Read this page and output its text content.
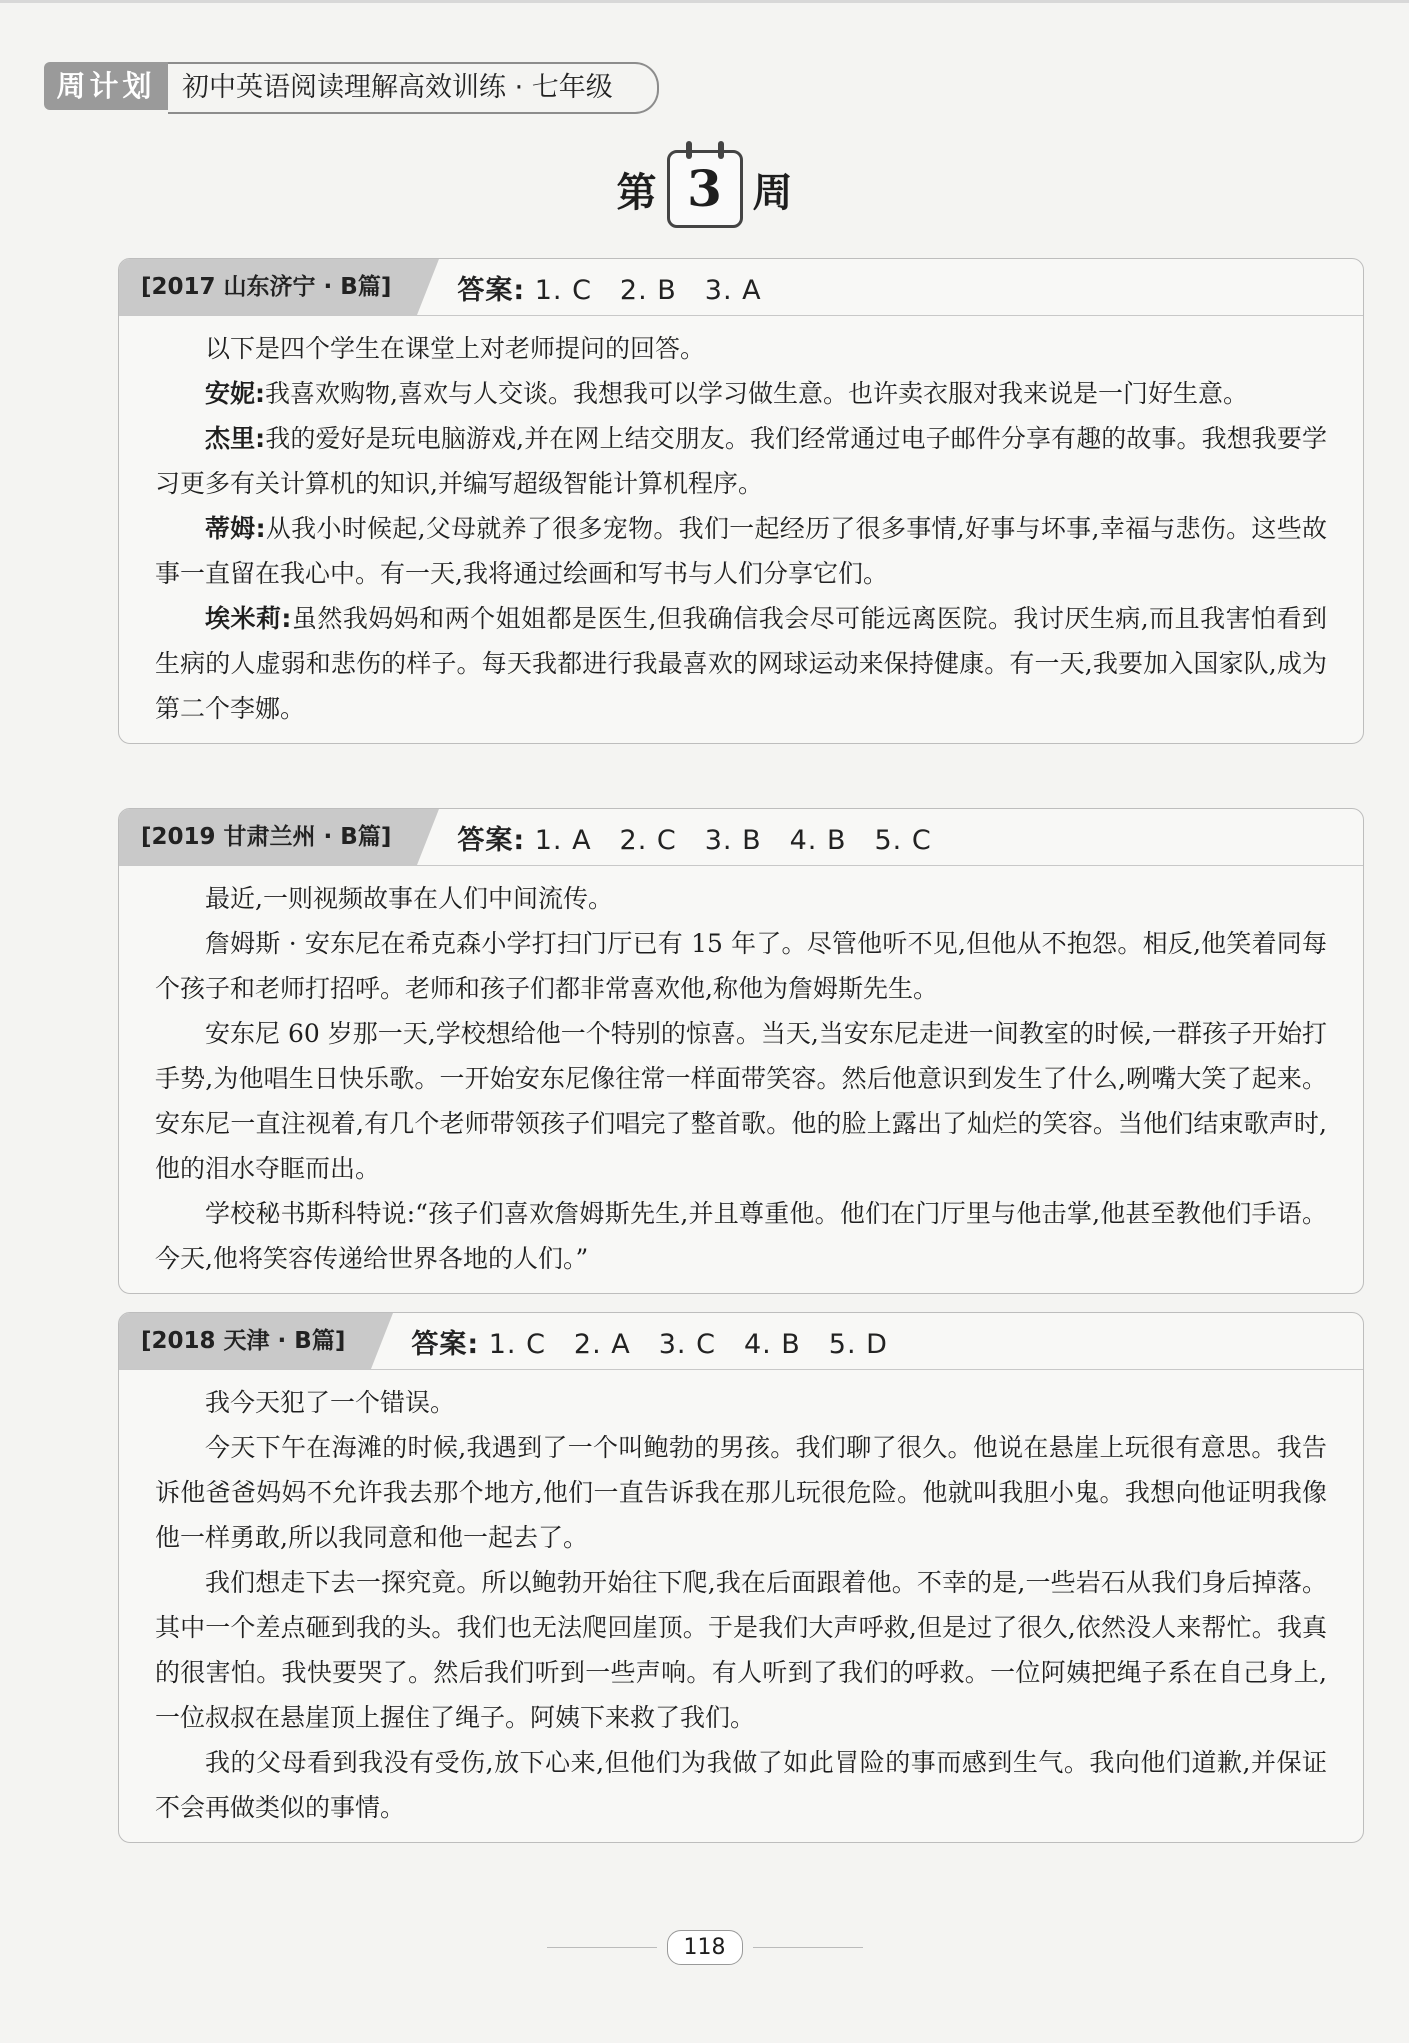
周计划 初中英语阅读理解高效训练 · 七年级
第 3 周
[2017 山东济宁 · B篇]	答案: 1. C　2. B　3. A

以下是四个学生在课堂上对老师提问的回答。

安妮:我喜欢购物,喜欢与人交谈。我想我可以学习做生意。也许卖衣服对我来说是一门好生意。

杰里:我的爱好是玩电脑游戏,并在网上结交朋友。我们经常通过电子邮件分享有趣的故事。我想我要学习更多有关计算机的知识,并编写超级智能计算机程序。

蒂姆:从我小时候起,父母就养了很多宠物。我们一起经历了很多事情,好事与坏事,幸福与悲伤。这些故事一直留在我心中。有一天,我将通过绘画和写书与人们分享它们。

埃米莉:虽然我妈妈和两个姐姐都是医生,但我确信我会尽可能远离医院。我讨厌生病,而且我害怕看到生病的人虚弱和悲伤的样子。每天我都进行我最喜欢的网球运动来保持健康。有一天,我要加入国家队,成为第二个李娜。

[2019 甘肃兰州 · B篇]	答案: 1. A　2. C　3. B　4. B　5. C

最近,一则视频故事在人们中间流传。

詹姆斯 · 安东尼在希克森小学打扫门厅已有 15 年了。尽管他听不见,但他从不抱怨。相反,他笑着同每个孩子和老师打招呼。老师和孩子们都非常喜欢他,称他为詹姆斯先生。

安东尼 60 岁那一天,学校想给他一个特别的惊喜。当天,当安东尼走进一间教室的时候,一群孩子开始打手势,为他唱生日快乐歌。一开始安东尼像往常一样面带笑容。然后他意识到发生了什么,咧嘴大笑了起来。安东尼一直注视着,有几个老师带领孩子们唱完了整首歌。他的脸上露出了灿烂的笑容。当他们结束歌声时,他的泪水夺眶而出。

学校秘书斯科特说:“孩子们喜欢詹姆斯先生,并且尊重他。他们在门厅里与他击掌,他甚至教他们手语。今天,他将笑容传递给世界各地的人们。”

[2018 天津 · B篇]	答案: 1. C　2. A　3. C　4. B　5. D

我今天犯了一个错误。

今天下午在海滩的时候,我遇到了一个叫鲍勃的男孩。我们聊了很久。他说在悬崖上玩很有意思。我告诉他爸爸妈妈不允许我去那个地方,他们一直告诉我在那儿玩很危险。他就叫我胆小鬼。我想向他证明我像他一样勇敢,所以我同意和他一起去了。

我们想走下去一探究竟。所以鲍勃开始往下爬,我在后面跟着他。不幸的是,一些岩石从我们身后掉落。其中一个差点砸到我的头。我们也无法爬回崖顶。于是我们大声呼救,但是过了很久,依然没人来帮忙。我真的很害怕。我快要哭了。然后我们听到一些声响。有人听到了我们的呼救。一位阿姨把绳子系在自己身上,一位叔叔在悬崖顶上握住了绳子。阿姨下来救了我们。

我的父母看到我没有受伤,放下心来,但他们为我做了如此冒险的事而感到生气。我向他们道歉,并保证不会再做类似的事情。

118
